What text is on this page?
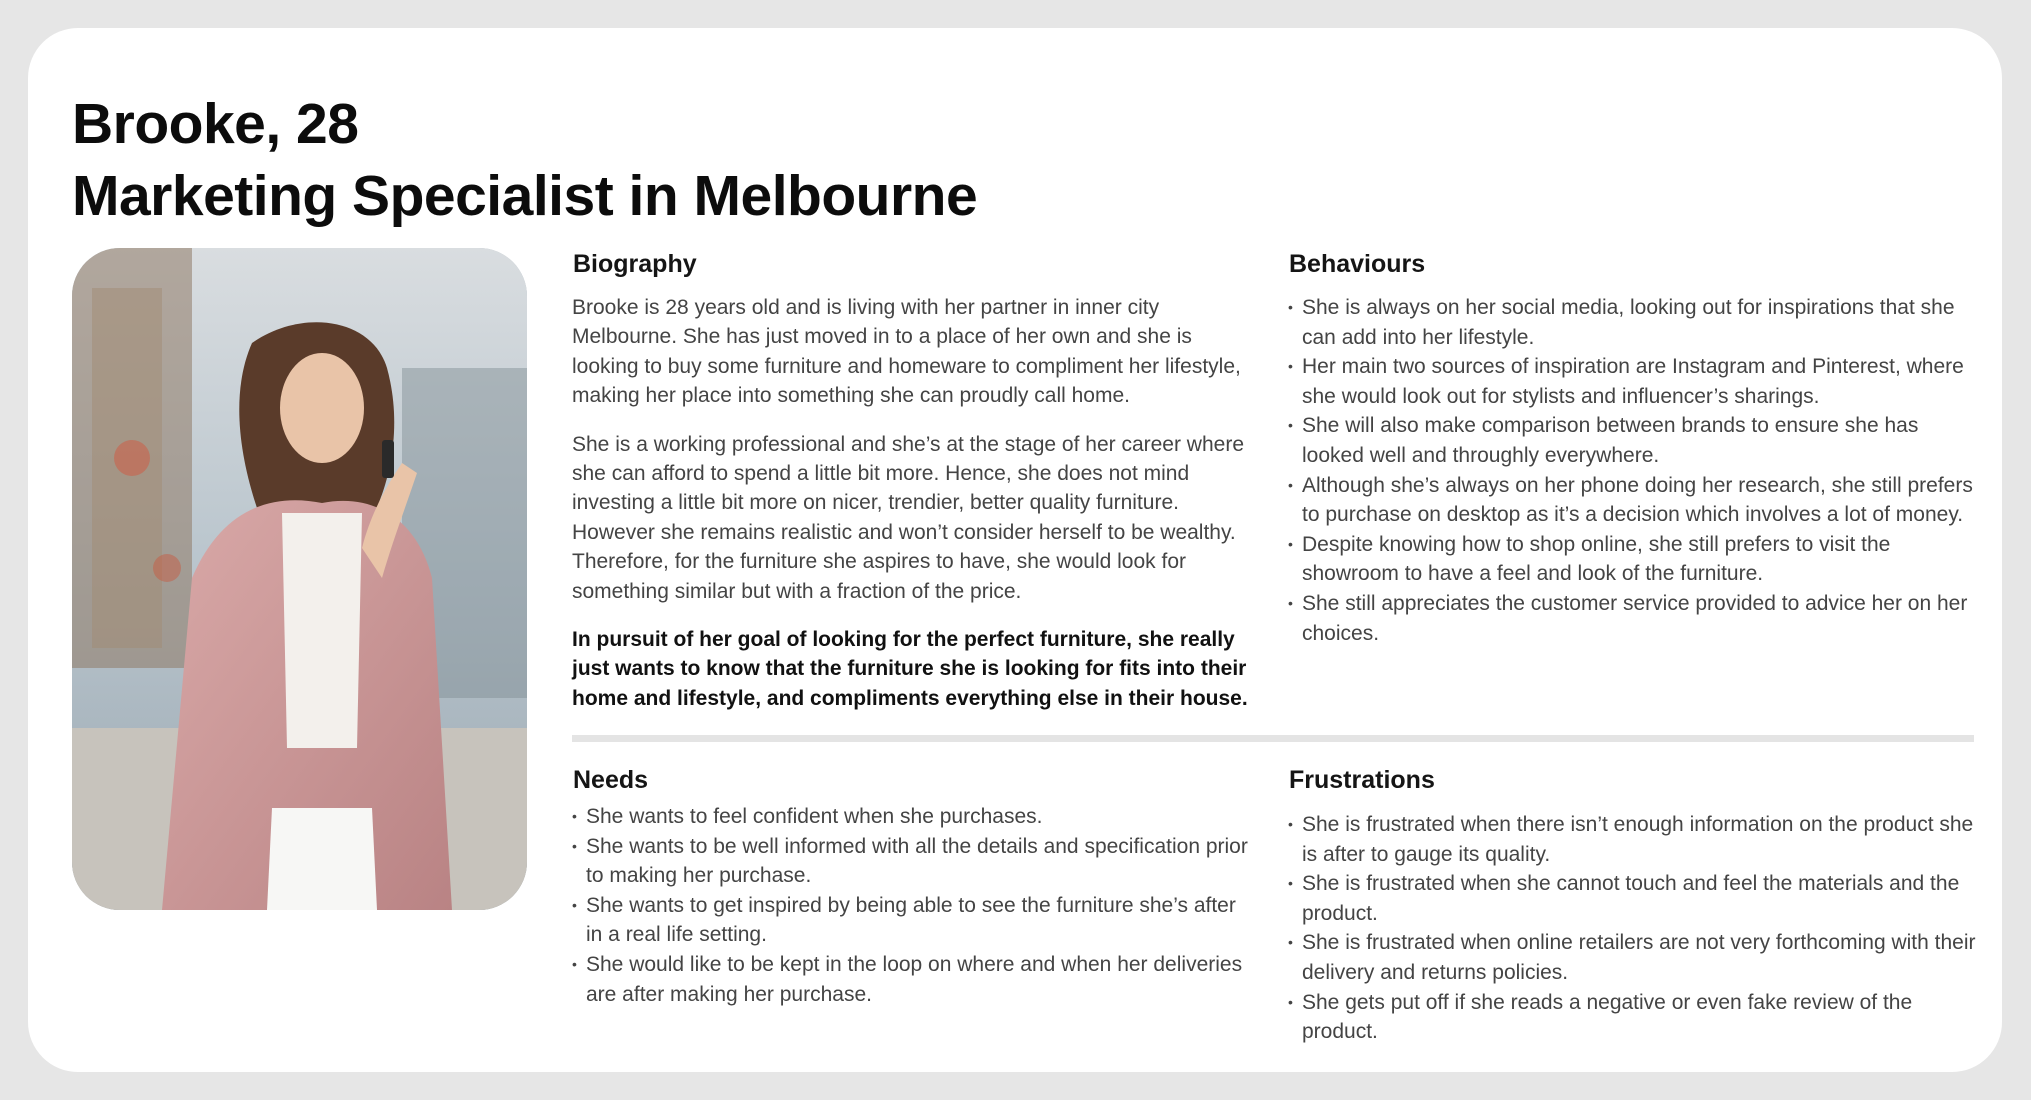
Brooke, 28
Marketing Specialist in Melbourne
Biography

Brooke is 28 years old and is living with her partner in inner city Melbourne. She has just moved in to a place of her own and she is looking to buy some furniture and homeware to compliment her lifestyle, making her place into something she can proudly call home.

She is a working professional and she’s at the stage of her career where she can afford to spend a little bit more. Hence, she does not mind investing a little bit more on nicer, trendier, better quality furniture. However she remains realistic and won’t consider herself to be wealthy. Therefore, for the furniture she aspires to have, she would look for something similar but with a fraction of the price.

In pursuit of her goal of looking for the perfect furniture, she really just wants to know that the furniture she is looking for fits into their home and lifestyle, and compliments everything else in their house.

Behaviours
• She is always on her social media, looking out for inspirations that she can add into her lifestyle.
• Her main two sources of inspiration are Instagram and Pinterest, where she would look out for stylists and influencer’s sharings.
• She will also make comparison between brands to ensure she has looked well and throughly everywhere.
• Although she’s always on her phone doing her research, she still prefers to purchase on desktop as it’s a decision which involves a lot of money.
• Despite knowing how to shop online, she still prefers to visit the showroom to have a feel and look of the furniture.
• She still appreciates the customer service provided to advice her on her choices.
Needs
• She wants to feel confident when she purchases.
• She wants to be well informed with all the details and specification prior to making her purchase.
• She wants to get inspired by being able to see the furniture she’s after in a real life setting.
• She would like to be kept in the loop on where and when her deliveries are after making her purchase.
Frustrations
• She is frustrated when there isn’t enough information on the product she is after to gauge its quality.
• She is frustrated when she cannot touch and feel the materials and the product.
• She is frustrated when online retailers are not very forthcoming with their delivery and returns policies.
• She gets put off if she reads a negative or even fake review of the product.
